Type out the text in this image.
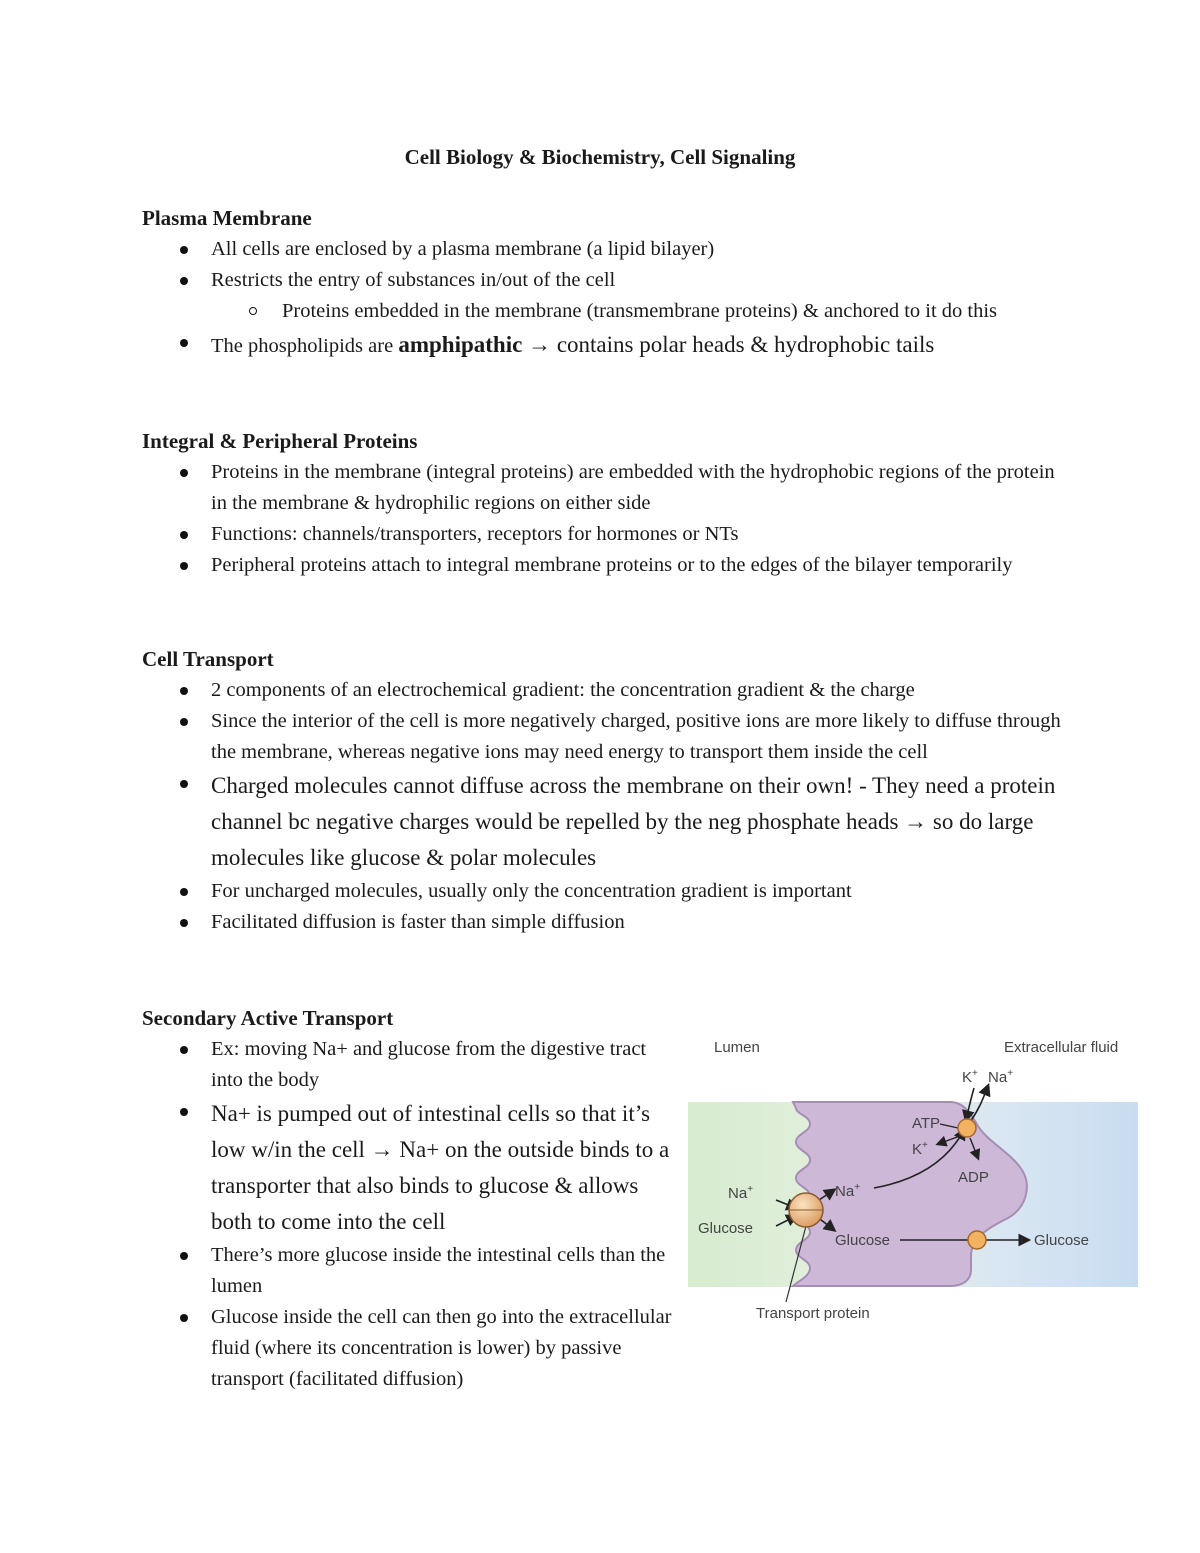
Cell Biology & Biochemistry, Cell Signaling
Plasma Membrane
All cells are enclosed by a plasma membrane (a lipid bilayer)
Restricts the entry of substances in/out of the cell
Proteins embedded in the membrane (transmembrane proteins) & anchored to it do this
The phospholipids are amphipathic → contains polar heads & hydrophobic tails
Integral & Peripheral Proteins
Proteins in the membrane (integral proteins) are embedded with the hydrophobic regions of the protein in the membrane & hydrophilic regions on either side
Functions: channels/transporters, receptors for hormones or NTs
Peripheral proteins attach to integral membrane proteins or to the edges of the bilayer temporarily
Cell Transport
2 components of an electrochemical gradient: the concentration gradient & the charge
Since the interior of the cell is more negatively charged, positive ions are more likely to diffuse through the membrane, whereas negative ions may need energy to transport them inside the cell
Charged molecules cannot diffuse across the membrane on their own! - They need a protein channel bc negative charges would be repelled by the neg phosphate heads → so do large molecules like glucose & polar molecules
For uncharged molecules, usually only the concentration gradient is important
Facilitated diffusion is faster than simple diffusion
Secondary Active Transport
Ex: moving Na+ and glucose from the digestive tract into the body
Na+ is pumped out of intestinal cells so that it’s low w/in the cell → Na+ on the outside binds to a transporter that also binds to glucose & allows both to come into the cell
There’s more glucose inside the intestinal cells than the lumen
Glucose inside the cell can then go into the extracellular fluid (where its concentration is lower) by passive transport (facilitated diffusion)
Lumen	Extracellular fluid
K+ Na+
ATP
K+
ADP
Na+
Glucose
Na+
Glucose	Glucose
Transport protein
